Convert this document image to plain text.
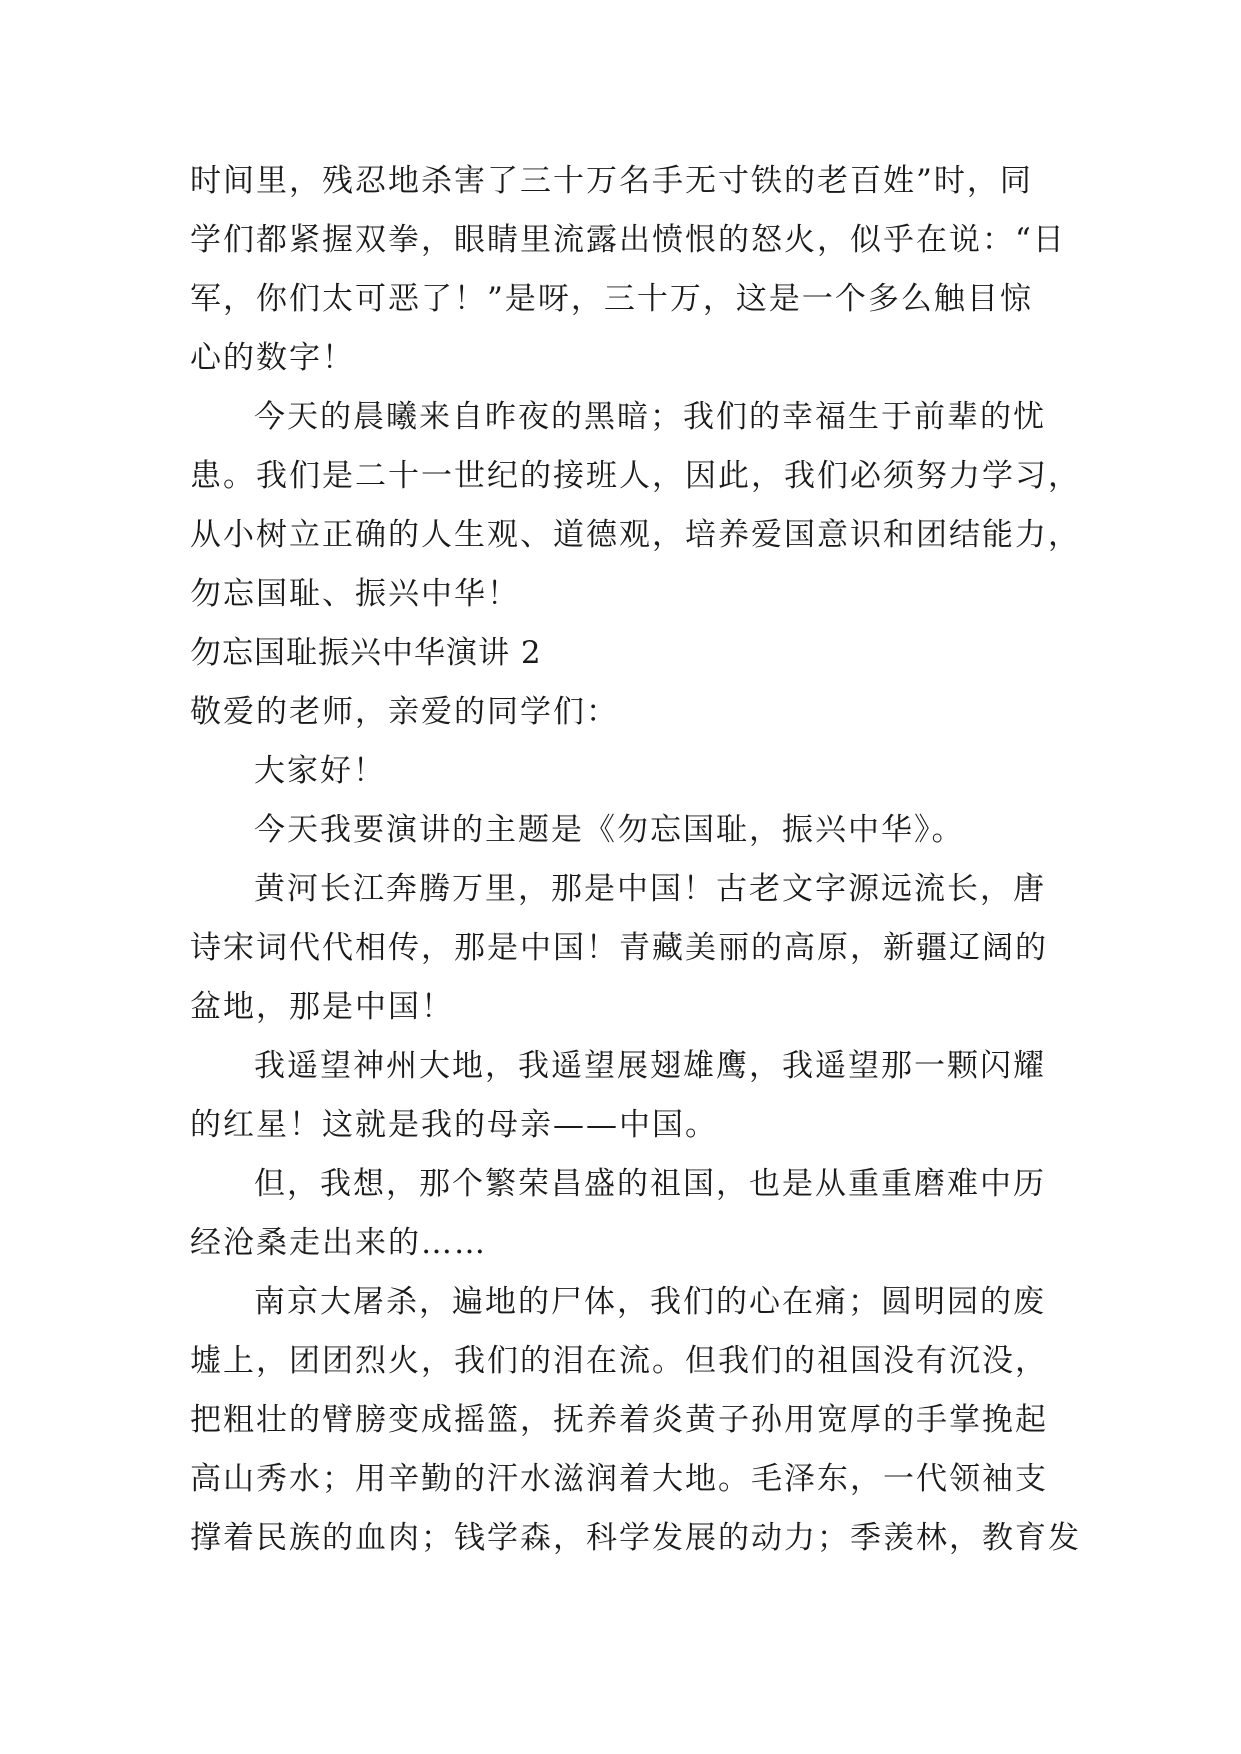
时间里，残忍地杀害了三十万名手无寸铁的老百姓”时，同
学们都紧握双拳，眼睛里流露出愤恨的怒火，似乎在说：“日
军，你们太可恶了！”是呀，三十万，这是一个多么触目惊
心的数字！
今天的晨曦来自昨夜的黑暗；我们的幸福生于前辈的忧
患。我们是二十一世纪的接班人，因此，我们必须努力学习，
从小树立正确的人生观、道德观，培养爱国意识和团结能力，
勿忘国耻、振兴中华！
勿忘国耻振兴中华演讲 2
敬爱的老师，亲爱的同学们：
大家好！
今天我要演讲的主题是《勿忘国耻，振兴中华》。
黄河长江奔腾万里，那是中国！古老文字源远流长，唐
诗宋词代代相传，那是中国！青藏美丽的高原，新疆辽阔的
盆地，那是中国！
我遥望神州大地，我遥望展翅雄鹰，我遥望那一颗闪耀
的红星！这就是我的母亲——中国。
但，我想，那个繁荣昌盛的祖国，也是从重重磨难中历
经沧桑走出来的……
南京大屠杀，遍地的尸体，我们的心在痛；圆明园的废
墟上，团团烈火，我们的泪在流。但我们的祖国没有沉没，
把粗壮的臂膀变成摇篮，抚养着炎黄子孙用宽厚的手掌挽起
高山秀水；用辛勤的汗水滋润着大地。毛泽东，一代领袖支
撑着民族的血肉；钱学森，科学发展的动力；季羡林，教育发
